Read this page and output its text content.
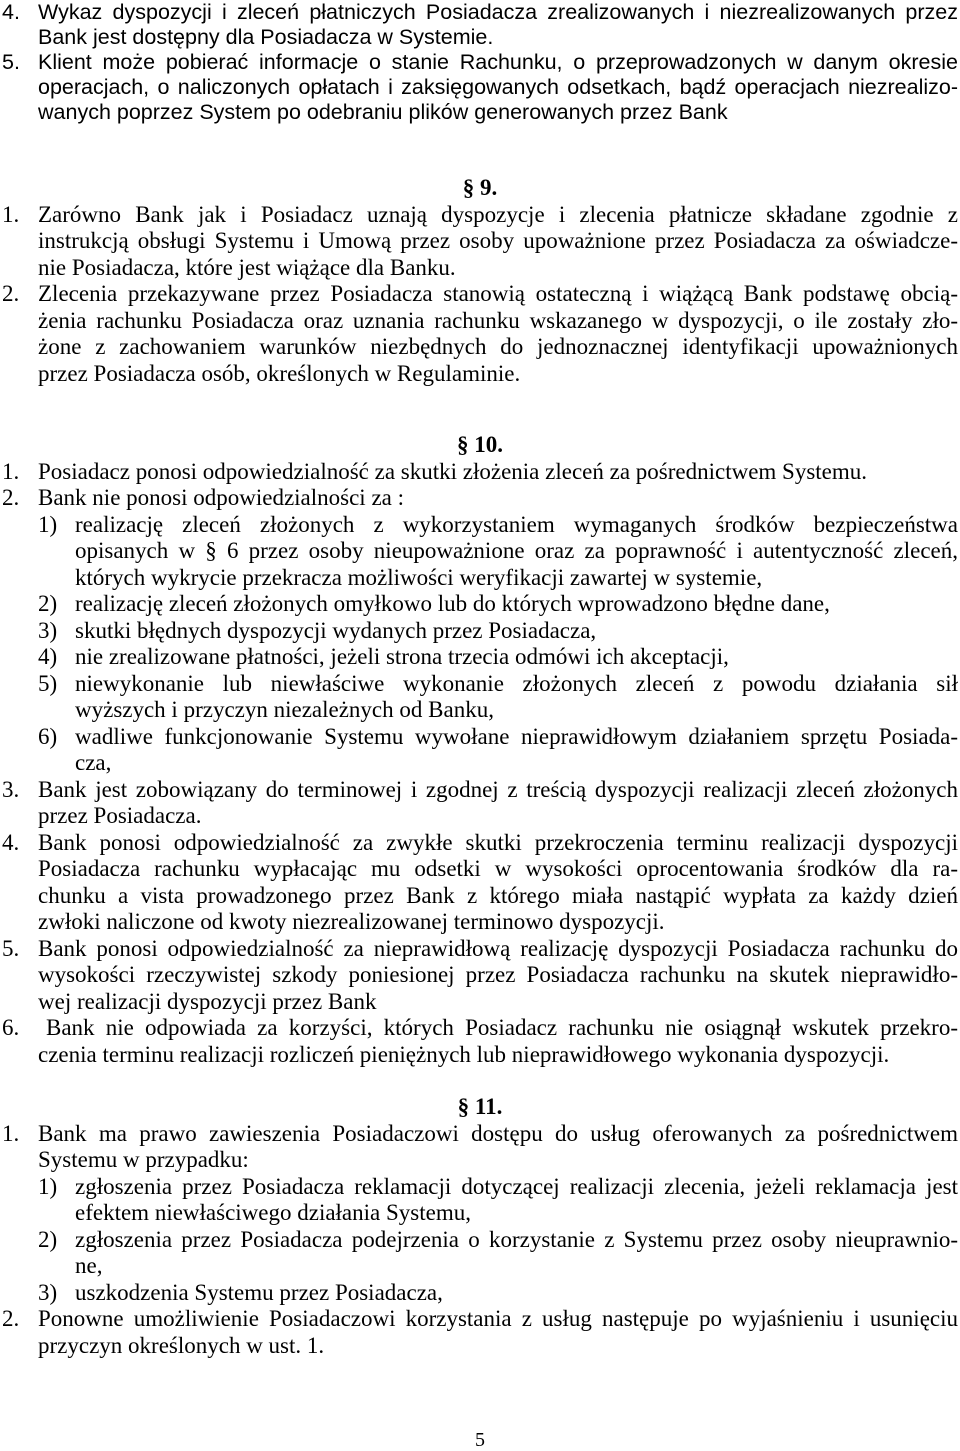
4. Wykaz dyspozycji i zleceń płatniczych Posiadacza zrealizowanych i niezrealizowanych przez
Bank jest dostępny dla Posiadacza w Systemie.
5. Klient może pobierać informacje o stanie Rachunku, o przeprowadzonych w danym okresie
operacjach, o naliczonych opłatach i zaksięgowanych odsetkach, bądź operacjach niezrealizo-
wanych poprzez System po odebraniu plików generowanych przez Bank
§ 9.
1. Zarówno Bank jak i Posiadacz uznają dyspozycje i zlecenia płatnicze składane zgodnie z
instrukcją obsługi Systemu i Umową przez osoby upoważnione przez Posiadacza za oświadcze-
nie Posiadacza, które jest wiążące dla Banku.
2. Zlecenia przekazywane przez Posiadacza stanowią ostateczną i wiążącą Bank podstawę obcią-
żenia rachunku Posiadacza oraz uznania rachunku wskazanego w dyspozycji, o ile zostały zło-
żone z zachowaniem warunków niezbędnych do jednoznacznej identyfikacji upoważnionych
przez Posiadacza osób, określonych w Regulaminie.
§ 10.
1. Posiadacz ponosi odpowiedzialność za skutki złożenia zleceń za pośrednictwem Systemu.
2. Bank nie ponosi odpowiedzialności za :
1) realizację zleceń złożonych z wykorzystaniem wymaganych środków bezpieczeństwa
opisanych w § 6 przez osoby nieupoważnione oraz za poprawność i autentyczność zleceń,
których wykrycie przekracza możliwości weryfikacji zawartej w systemie,
2) realizację zleceń złożonych omyłkowo lub do których wprowadzono błędne dane,
3) skutki błędnych dyspozycji wydanych przez Posiadacza,
4) nie zrealizowane płatności, jeżeli strona trzecia odmówi ich akceptacji,
5) niewykonanie lub niewłaściwe wykonanie złożonych zleceń z powodu działania sił
wyższych i przyczyn niezależnych od Banku,
6) wadliwe funkcjonowanie Systemu wywołane nieprawidłowym działaniem sprzętu Posiada-
cza,
3. Bank jest zobowiązany do terminowej i zgodnej z treścią dyspozycji realizacji zleceń złożonych
przez Posiadacza.
4. Bank ponosi odpowiedzialność za zwykłe skutki przekroczenia terminu realizacji dyspozycji
Posiadacza rachunku wypłacając mu odsetki w wysokości oprocentowania środków dla ra-
chunku a vista prowadzonego przez Bank z którego miała nastąpić wypłata za każdy dzień
zwłoki naliczone od kwoty niezrealizowanej terminowo dyspozycji.
5. Bank ponosi odpowiedzialność za nieprawidłową realizację dyspozycji Posiadacza rachunku do
wysokości rzeczywistej szkody poniesionej przez Posiadacza rachunku na skutek nieprawidło-
wej realizacji dyspozycji przez Bank
6.	Bank nie odpowiada za korzyści, których Posiadacz rachunku nie osiągnął wskutek przekro-
czenia terminu realizacji rozliczeń pieniężnych lub nieprawidłowego wykonania dyspozycji.
§ 11.
1. Bank ma prawo zawieszenia Posiadaczowi dostępu do usług oferowanych za pośrednictwem
Systemu w przypadku:
1) zgłoszenia przez Posiadacza reklamacji dotyczącej realizacji zlecenia, jeżeli reklamacja jest
efektem niewłaściwego działania Systemu,
2) zgłoszenia przez Posiadacza podejrzenia o korzystanie z Systemu przez osoby nieuprawnio-
ne,
3) uszkodzenia Systemu przez Posiadacza,
2. Ponowne umożliwienie Posiadaczowi korzystania z usług następuje po wyjaśnieniu i usunięciu
przyczyn określonych w ust. 1.
5
